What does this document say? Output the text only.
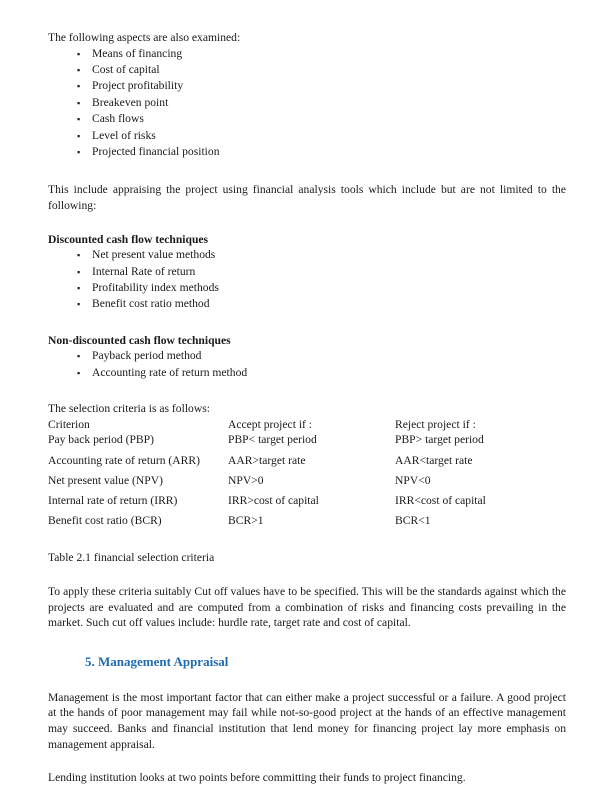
The following aspects are also examined:

▪ Means of financing
▪ Cost of capital
▪ Project profitability
▪ Breakeven point
▪ Cash flows
▪ Level of risks
▪ Projected financial position

This include appraising the project using financial analysis tools which include but are not limited to the following:

Discounted cash flow techniques

▪ Net present value methods
▪ Internal Rate of return
▪ Profitability index methods
▪ Benefit cost ratio method

Non-discounted cash flow techniques

▪ Payback period method
▪ Accounting rate of return method

The selection criteria is as follows:

Criterion	Accept project if :	Reject project if :
Pay back period (PBP)	PBP< target period	PBP> target period
Accounting rate of return (ARR)	AAR>target rate	AAR<target rate
Net present value (NPV)	NPV>0	NPV<0
Internal rate of return (IRR)	IRR>cost of capital	IRR<cost of capital
Benefit cost ratio (BCR)	BCR>1	BCR<1

Table 2.1 financial selection criteria

To apply these criteria suitably Cut off values have to be specified. This will be the standards against which the projects are evaluated and are computed from a combination of risks and financing costs prevailing in the market. Such cut off values include: hurdle rate, target rate and cost of capital.

5. Management Appraisal

Management is the most important factor that can either make a project successful or a failure. A good project at the hands of poor management may fail while not-so-good project at the hands of an effective management may succeed. Banks and financial institution that lend money for financing project lay more emphasis on management appraisal.

Lending institution looks at two points before committing their funds to project financing.
